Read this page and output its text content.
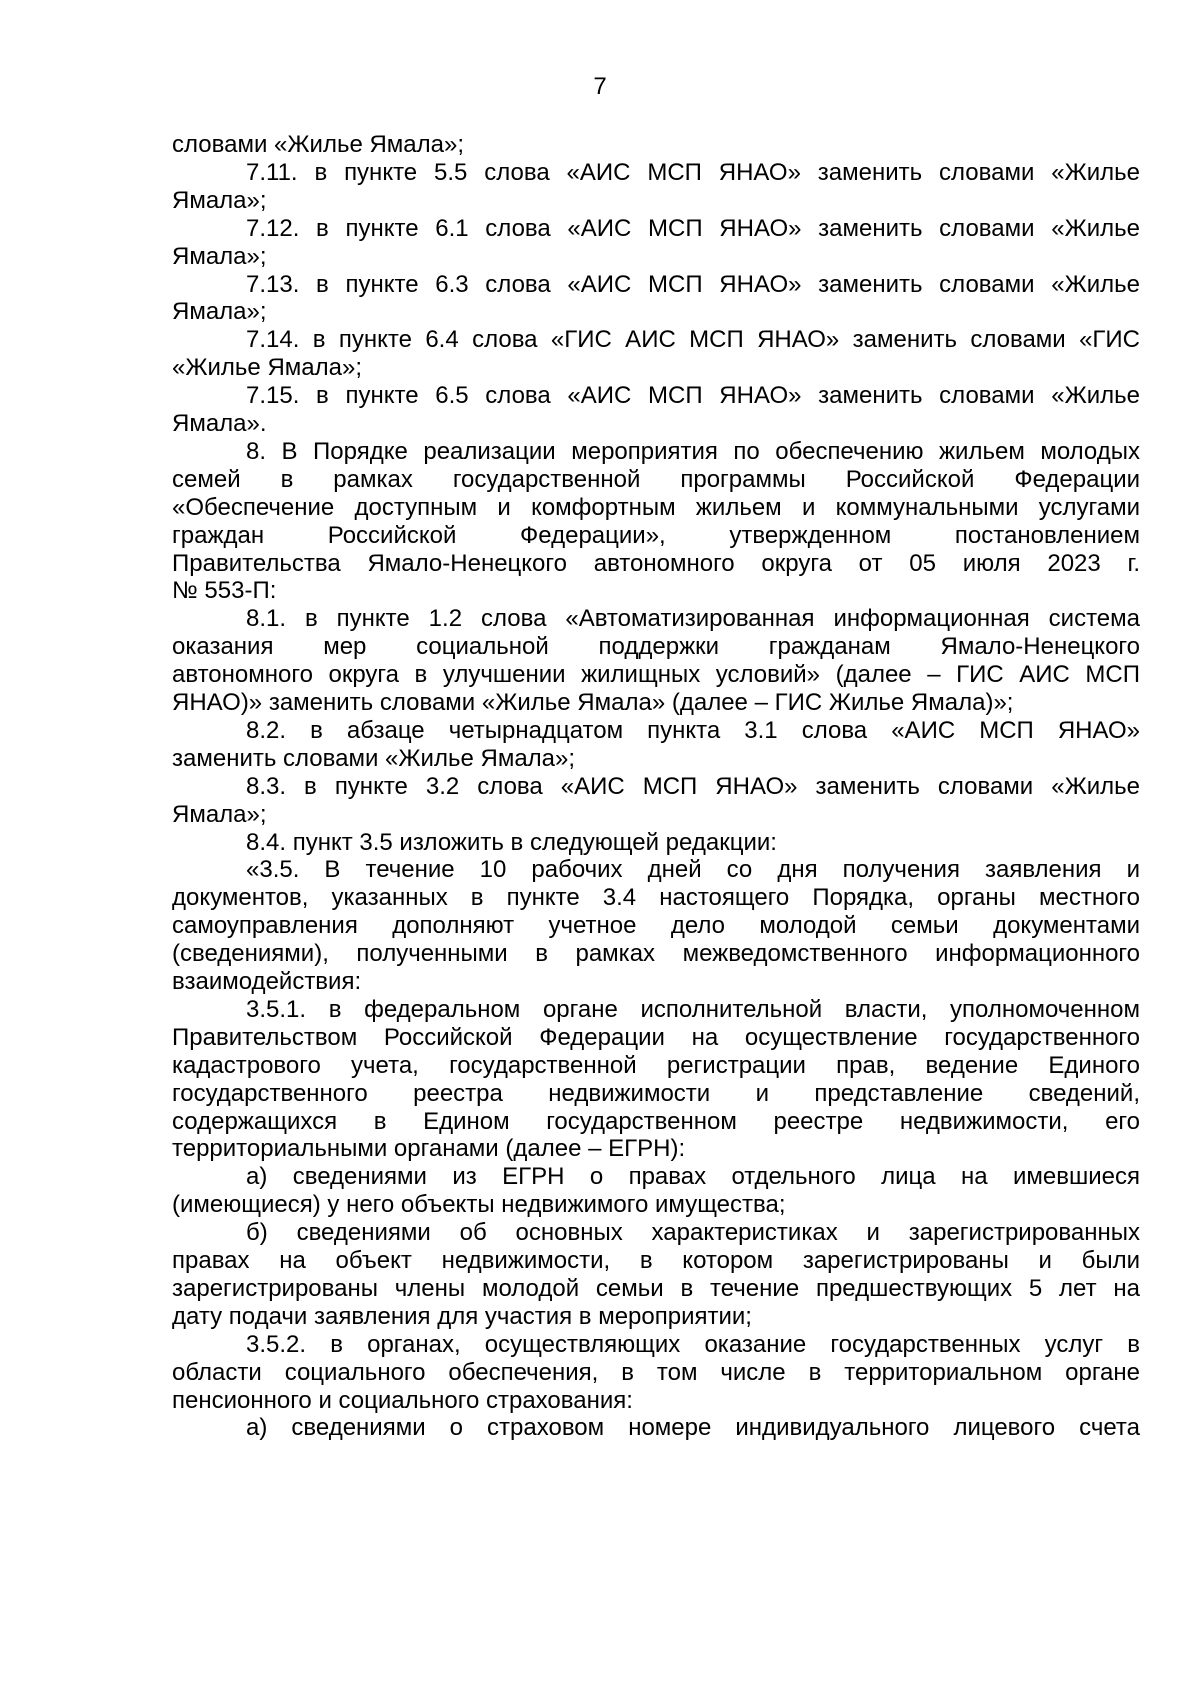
7
словами «Жилье Ямала»;
7.11. в пункте 5.5 слова «АИС МСП ЯНАО» заменить словами «Жилье
Ямала»;
7.12. в пункте 6.1 слова «АИС МСП ЯНАО» заменить словами «Жилье
Ямала»;
7.13. в пункте 6.3 слова «АИС МСП ЯНАО» заменить словами «Жилье
Ямала»;
7.14. в пункте 6.4 слова «ГИС АИС МСП ЯНАО» заменить словами «ГИС
«Жилье Ямала»;
7.15. в пункте 6.5 слова «АИС МСП ЯНАО» заменить словами «Жилье
Ямала».
8. В Порядке реализации мероприятия по обеспечению жильем молодых
семей в рамках государственной программы Российской Федерации
«Обеспечение доступным и комфортным жильем и коммунальными услугами
граждан Российской Федерации», утвержденном постановлением
Правительства Ямало-Ненецкого автономного округа от 05 июля 2023 г.
№ 553-П:
8.1. в пункте 1.2 слова «Автоматизированная информационная система
оказания мер социальной поддержки гражданам Ямало-Ненецкого
автономного округа в улучшении жилищных условий» (далее – ГИС АИС МСП
ЯНАО)» заменить словами «Жилье Ямала» (далее – ГИС Жилье Ямала)»;
8.2. в абзаце четырнадцатом пункта 3.1 слова «АИС МСП ЯНАО»
заменить словами «Жилье Ямала»;
8.3. в пункте 3.2 слова «АИС МСП ЯНАО» заменить словами «Жилье
Ямала»;
8.4. пункт 3.5 изложить в следующей редакции:
«3.5. В течение 10 рабочих дней со дня получения заявления и
документов, указанных в пункте 3.4 настоящего Порядка, органы местного
самоуправления дополняют учетное дело молодой семьи документами
(сведениями), полученными в рамках межведомственного информационного
взаимодействия:
3.5.1. в федеральном органе исполнительной власти, уполномоченном
Правительством Российской Федерации на осуществление государственного
кадастрового учета, государственной регистрации прав, ведение Единого
государственного реестра недвижимости и представление сведений,
содержащихся в Едином государственном реестре недвижимости, его
территориальными органами (далее – ЕГРН):
а) сведениями из ЕГРН о правах отдельного лица на имевшиеся
(имеющиеся) у него объекты недвижимого имущества;
б) сведениями об основных характеристиках и зарегистрированных
правах на объект недвижимости, в котором зарегистрированы и были
зарегистрированы члены молодой семьи в течение предшествующих 5 лет на
дату подачи заявления для участия в мероприятии;
3.5.2. в органах, осуществляющих оказание государственных услуг в
области социального обеспечения, в том числе в территориальном органе
пенсионного и социального страхования:
а) сведениями о страховом номере индивидуального лицевого счета
